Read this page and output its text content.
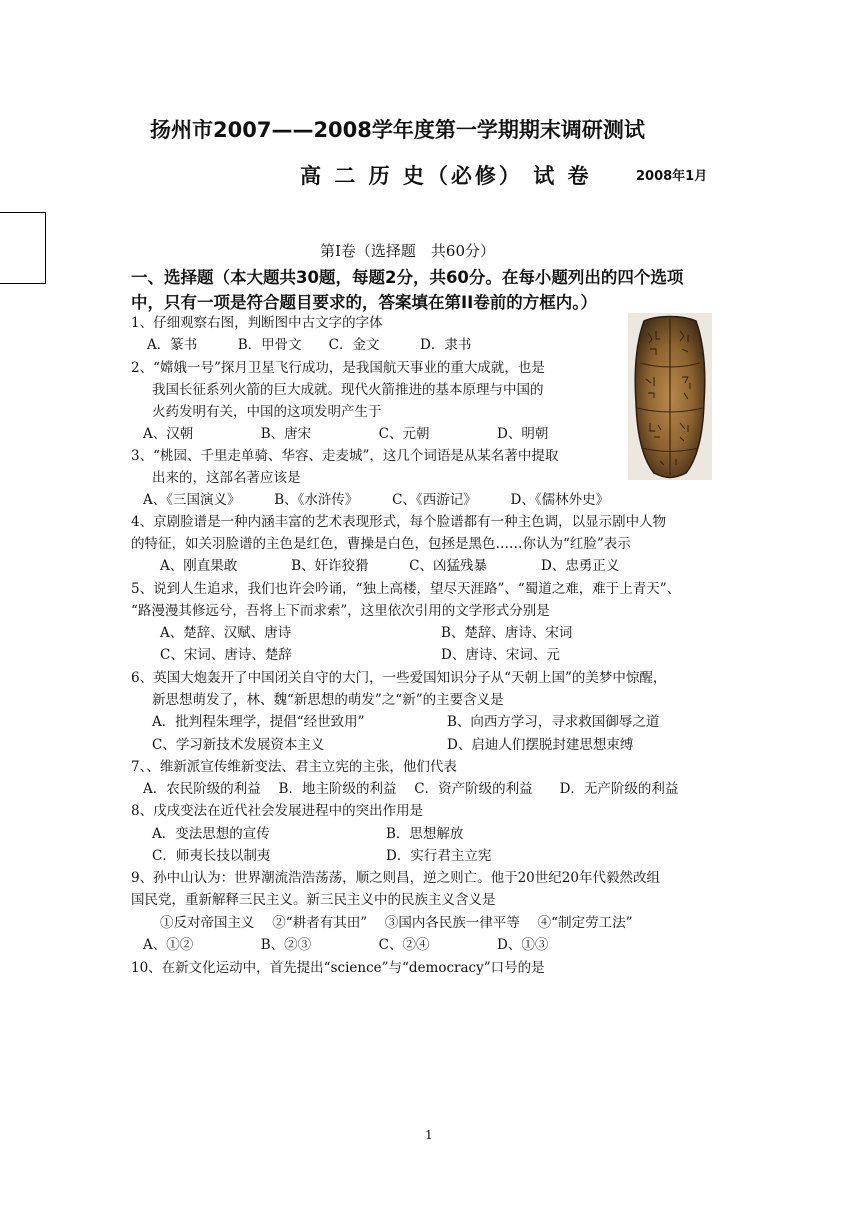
扬州市2007——2008学年度第一学期期末调研测试
高 二 历 史（必修） 试 卷	2008年1月
第Ⅰ卷（选择题　共60分）
一、选择题（本大题共30题，每题2分，共60分。在每小题列出的四个选项
中，只有一项是符合题目要求的，答案填在第II卷前的方框内。）
1、仔细观察右图，判断图中古文字的字体
A．篆书　　　B．甲骨文　　C．金文　　　D．隶书
2、“嫦娥一号”探月卫星飞行成功，是我国航天事业的重大成就，也是
我国长征系列火箭的巨大成就。现代火箭推进的基本原理与中国的
火药发明有关，中国的这项发明产生于
A、汉朝　　　　　B、唐宋　　　　　C、元朝　　　　　D、明朝
3、“桃园、千里走单骑、华容、走麦城”，这几个词语是从某名著中提取
出来的，这部名著应该是
A、《三国演义》　　　B、《水浒传》　　　C、《西游记》　　　D、《儒林外史》
4、京剧脸谱是一种内涵丰富的艺术表现形式，每个脸谱都有一种主色调，以显示剧中人物
的特征，如关羽脸谱的主色是红色，曹操是白色，包拯是黑色……你认为“红脸”表示
A、刚直果敢　　　　B、奸诈狡猾　　　C、凶猛残暴　　　　D、忠勇正义
5、说到人生追求，我们也许会吟诵，“独上高楼，望尽天涯路”、“蜀道之难，难于上青天”、
“路漫漫其修远兮，吾将上下而求索”，这里依次引用的文学形式分别是
A、楚辞、汉赋、唐诗	B、楚辞、唐诗、宋词
C、宋词、唐诗、楚辞	D、唐诗、宋词、元
6、英国大炮轰开了中国闭关自守的大门，一些爱国知识分子从“天朝上国”的美梦中惊醒，
新思想萌发了，林、魏“新思想的萌发”之“新”的主要含义是
A．批判程朱理学，提倡“经世致用”	B、向西方学习，寻求救国御辱之道
C、学习新技术发展资本主义	D、启迪人们摆脱封建思想束缚
7、、维新派宣传维新变法、君主立宪的主张，他们代表
A．农民阶级的利益　 B．地主阶级的利益　 C．资产阶级的利益　　D．无产阶级的利益
8、戊戌变法在近代社会发展进程中的突出作用是
A．变法思想的宣传	B．思想解放
C．师夷长技以制夷	D．实行君主立宪
9、孙中山认为：世界潮流浩浩荡荡，顺之则昌，逆之则亡。他于20世纪20年代毅然改组
国民党，重新解释三民主义。新三民主义中的民族主义含义是
①反对帝国主义　 ②“耕者有其田”　 ③国内各民族一律平等　 ④“制定劳工法”
A、①②　　　　　B、②③　　　　　C、②④　　　　　D、①③
10、在新文化运动中，首先提出“science”与“democracy”口号的是
1
